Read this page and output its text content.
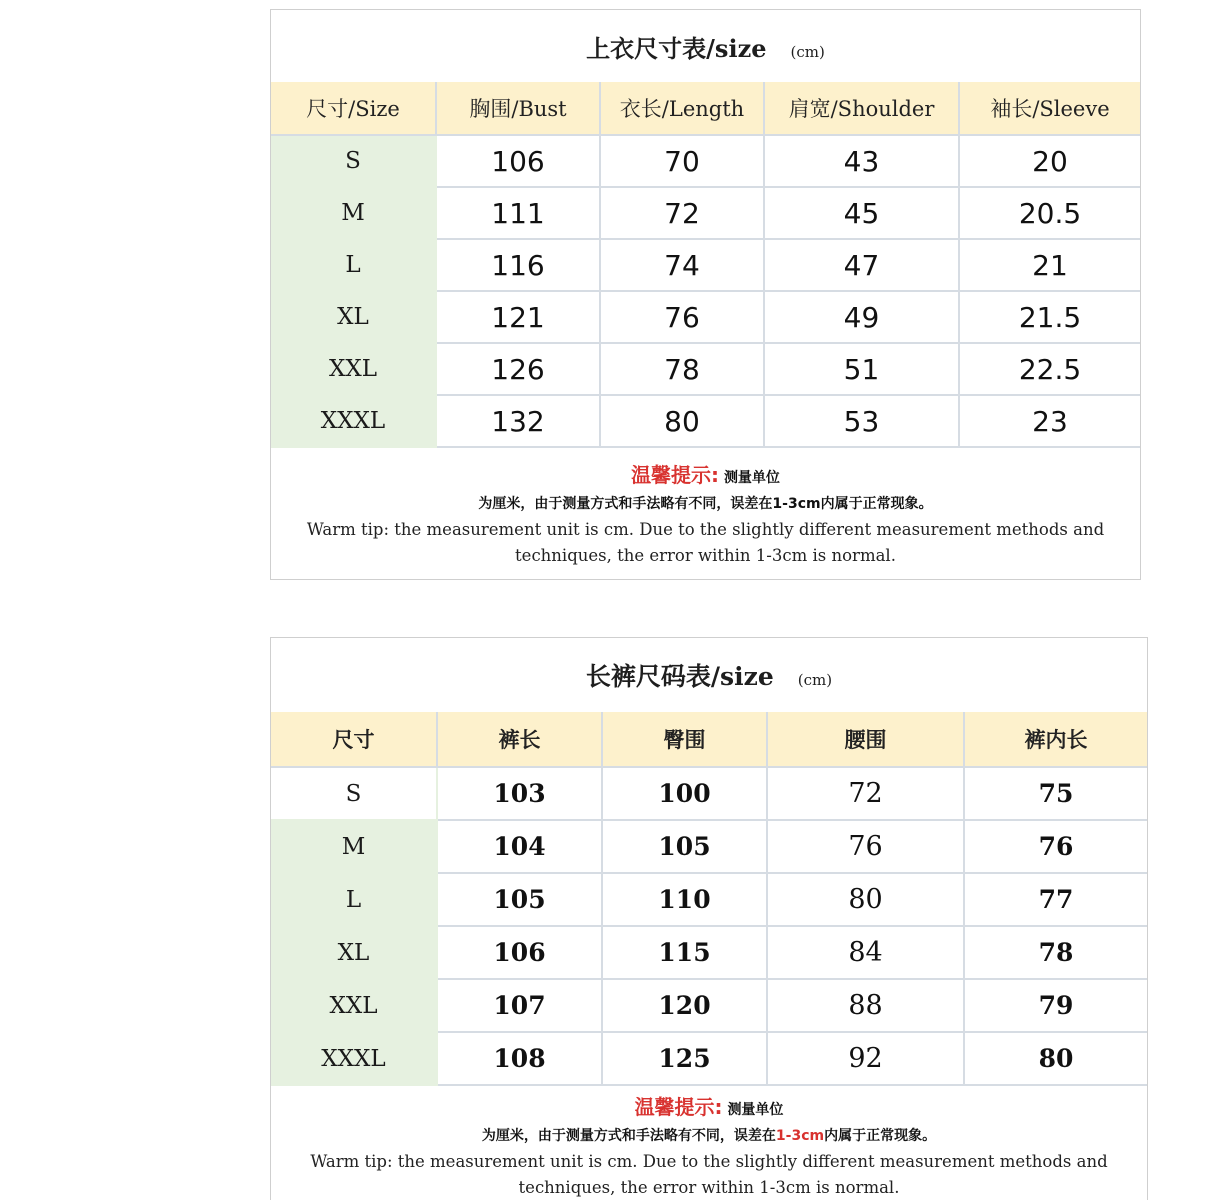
上衣尺寸表/size (cm)
尺寸/Size	胸围/Bust	衣长/Length	肩宽/Shoulder	袖长/Sleeve
S	106	70	43	20
M	111	72	45	20.5
L	116	74	47	21
XL	121	76	49	21.5
XXL	126	78	51	22.5
XXXL	132	80	53	23
温馨提示: 测量单位
为厘米，由于测量方式和手法略有不同，误差在1-3cm内属于正常现象。
Warm tip: the measurement unit is cm. Due to the slightly different measurement methods and techniques, the error within 1-3cm is normal.
长裤尺码表/size (cm)
尺寸	裤长	臀围	腰围	裤内长
S	103	100	72	75
M	104	105	76	76
L	105	110	80	77
XL	106	115	84	78
XXL	107	120	88	79
XXXL	108	125	92	80
温馨提示: 测量单位
为厘米，由于测量方式和手法略有不同，误差在1-3cm内属于正常现象。
Warm tip: the measurement unit is cm. Due to the slightly different measurement methods and techniques, the error within 1-3cm is normal.
